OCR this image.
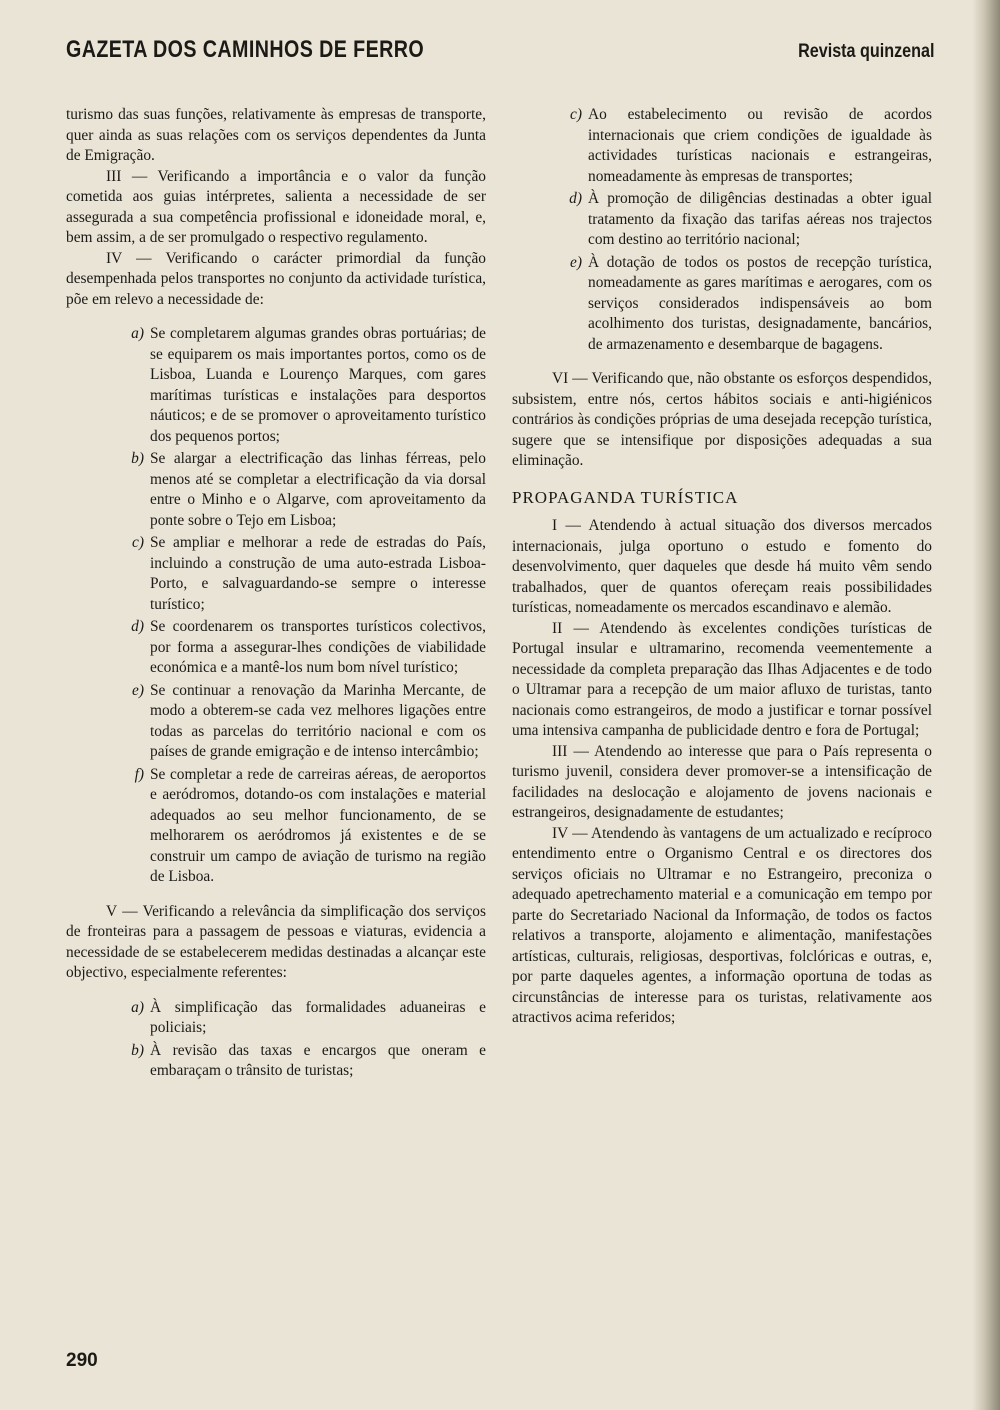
GAZETA DOS CAMINHOS DE FERRO	Revista quinzenal

turismo das suas funções, relativamente às empresas de transporte, quer ainda as suas relações com os serviços dependentes da Junta de Emigração.

III — Verificando a importância e o valor da função cometida aos guias intérpretes, salienta a necessidade de ser assegurada a sua competência profissional e idoneidade moral, e, bem assim, a de ser promulgado o respectivo regulamento.

IV — Verificando o carácter primordial da função desempenhada pelos transportes no conjunto da actividade turística, põe em relevo a necessidade de:

a) Se completarem algumas grandes obras portuárias; de se equiparem os mais importantes portos, como os de Lisboa, Luanda e Lourenço Marques, com gares marítimas turísticas e instalações para desportos náuticos; e de se promover o aproveitamento turístico dos pequenos portos;
b) Se alargar a electrificação das linhas férreas, pelo menos até se completar a electrificação da via dorsal entre o Minho e o Algarve, com aproveitamento da ponte sobre o Tejo em Lisboa;
c) Se ampliar e melhorar a rede de estradas do País, incluindo a construção de uma auto-estrada Lisboa-Porto, e salvaguardando-se sempre o interesse turístico;
d) Se coordenarem os transportes turísticos colectivos, por forma a assegurar-lhes condições de viabilidade económica e a mantê-los num bom nível turístico;
e) Se continuar a renovação da Marinha Mercante, de modo a obterem-se cada vez melhores ligações entre todas as parcelas do território nacional e com os países de grande emigração e de intenso intercâmbio;
f) Se completar a rede de carreiras aéreas, de aeroportos e aeródromos, dotando-os com instalações e material adequados ao seu melhor funcionamento, de se melhorarem os aeródromos já existentes e de se construir um campo de aviação de turismo na região de Lisboa.

V — Verificando a relevância da simplificação dos serviços de fronteiras para a passagem de pessoas e viaturas, evidencia a necessidade de se estabelecerem medidas destinadas a alcançar este objectivo, especialmente referentes:

a) À simplificação das formalidades aduaneiras e policiais;
b) À revisão das taxas e encargos que oneram e embaraçam o trânsito de turistas;
c) Ao estabelecimento ou revisão de acordos internacionais que criem condições de igualdade às actividades turísticas nacionais e estrangeiras, nomeadamente às empresas de transportes;
d) À promoção de diligências destinadas a obter igual tratamento da fixação das tarifas aéreas nos trajectos com destino ao território nacional;
e) À dotação de todos os postos de recepção turística, nomeadamente as gares marítimas e aerogares, com os serviços considerados indispensáveis ao bom acolhimento dos turistas, designadamente, bancários, de armazenamento e desembarque de bagagens.

VI — Verificando que, não obstante os esforços despendidos, subsistem, entre nós, certos hábitos sociais e anti-higiénicos contrários às condições próprias de uma desejada recepção turística, sugere que se intensifique por disposições adequadas a sua eliminação.

PROPAGANDA TURÍSTICA

I — Atendendo à actual situação dos diversos mercados internacionais, julga oportuno o estudo e fomento do desenvolvimento, quer daqueles que desde há muito vêm sendo trabalhados, quer de quantos ofereçam reais possibilidades turísticas, nomeadamente os mercados escandinavo e alemão.

II — Atendendo às excelentes condições turísticas de Portugal insular e ultramarino, recomenda veementemente a necessidade da completa preparação das Ilhas Adjacentes e de todo o Ultramar para a recepção de um maior afluxo de turistas, tanto nacionais como estrangeiros, de modo a justificar e tornar possível uma intensiva campanha de publicidade dentro e fora de Portugal;

III — Atendendo ao interesse que para o País representa o turismo juvenil, considera dever promover-se a intensificação de facilidades na deslocação e alojamento de jovens nacionais e estrangeiros, designadamente de estudantes;

IV — Atendendo às vantagens de um actualizado e recíproco entendimento entre o Organismo Central e os directores dos serviços oficiais no Ultramar e no Estrangeiro, preconiza o adequado apetrechamento material e a comunicação em tempo por parte do Secretariado Nacional da Informação, de todos os factos relativos a transporte, alojamento e alimentação, manifestações artísticas, culturais, religiosas, desportivas, folclóricas e outras, e, por parte daqueles agentes, a informação oportuna de todas as circunstâncias de interesse para os turistas, relativamente aos atractivos acima referidos;

290
